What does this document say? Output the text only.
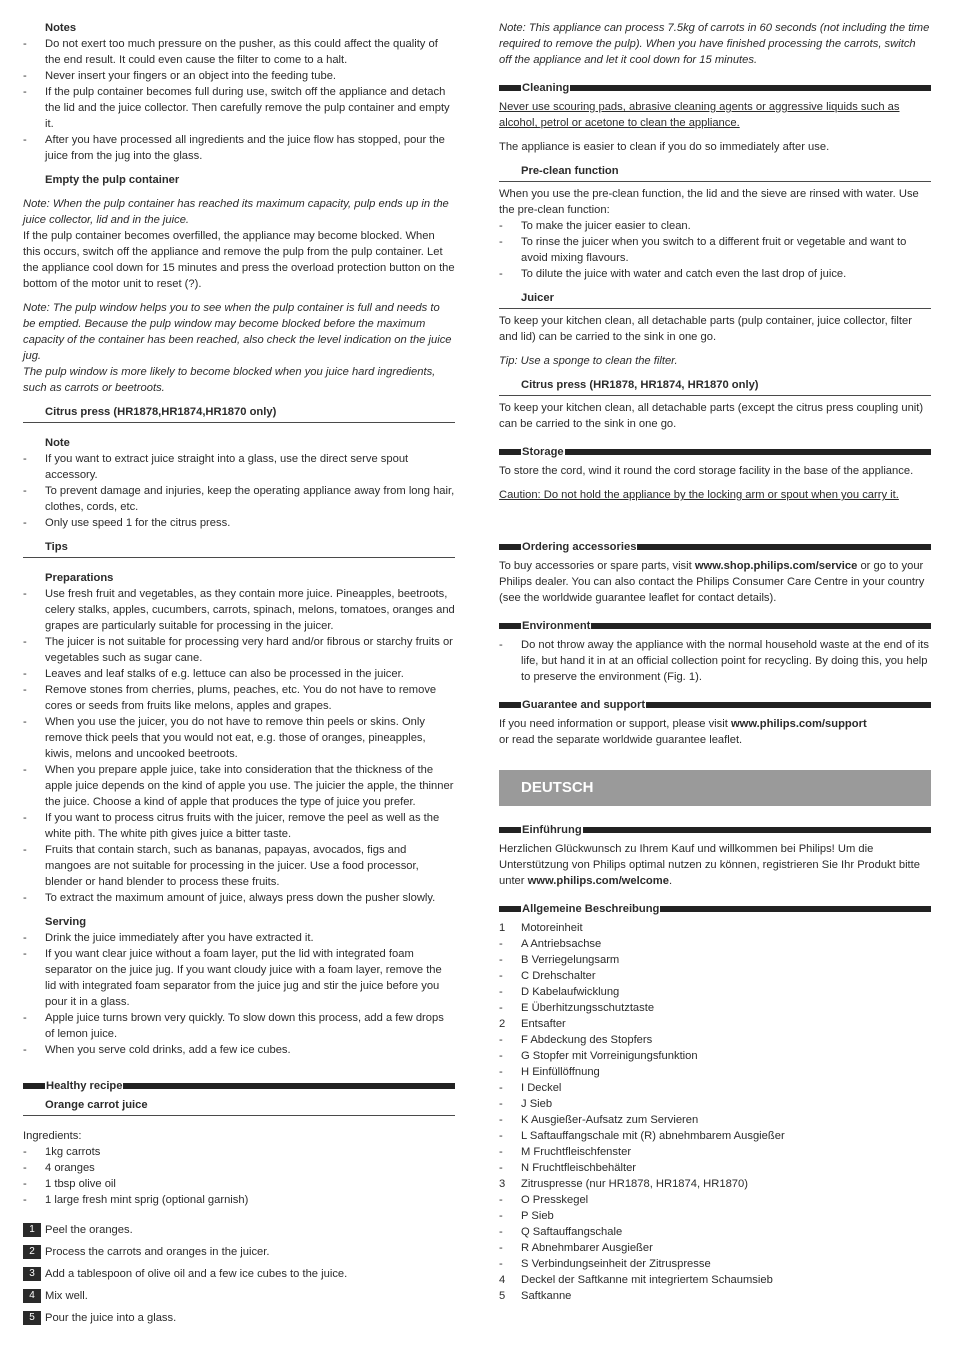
Notes

- Do not exert too much pressure on the pusher, as this could affect the quality of the end result. It could even cause the filter to come to a halt.
- Never insert your fingers or an object into the feeding tube.
- If the pulp container becomes full during use, switch off the appliance and detach the lid and the juice collector. Then carefully remove the pulp container and empty it.
- After you have processed all ingredients and the juice flow has stopped, pour the juice from the jug into the glass.

Empty the pulp container

Note: When the pulp container has reached its maximum capacity, pulp ends up in the juice collector, lid and in the juice.

If the pulp container becomes overfilled, the appliance may become blocked. When this occurs, switch off the appliance and remove the pulp from the pulp container. Let the appliance cool down for 15 minutes and press the overload protection button on the bottom of the motor unit to reset (?).

Note: The pulp window helps you to see when the pulp container is full and needs to be emptied. Because the pulp window may become blocked before the maximum capacity of the container has been reached, also check the level indication on the juice jug.

The pulp window is more likely to become blocked when you juice hard ingredients, such as carrots or beetroots.

Citrus press (HR1878,HR1874,HR1870 only)

Note

- If you want to extract juice straight into a glass, use the direct serve spout accessory.
- To prevent damage and injuries, keep the operating appliance away from long hair, clothes, cords, etc.
- Only use speed 1 for the citrus press.

Tips

Preparations

- Use fresh fruit and vegetables, as they contain more juice. Pineapples, beetroots, celery stalks, apples, cucumbers, carrots, spinach, melons, tomatoes, oranges and grapes are particularly suitable for processing in the juicer.
- The juicer is not suitable for processing very hard and/or fibrous or starchy fruits or vegetables such as sugar cane.
- Leaves and leaf stalks of e.g. lettuce can also be processed in the juicer.
- Remove stones from cherries, plums, peaches, etc. You do not have to remove cores or seeds from fruits like melons, apples and grapes.
- When you use the juicer, you do not have to remove thin peels or skins. Only remove thick peels that you would not eat, e.g. those of oranges, pineapples, kiwis, melons and uncooked beetroots.
- When you prepare apple juice, take into consideration that the thickness of the apple juice depends on the kind of apple you use. The juicier the apple, the thinner the juice. Choose a kind of apple that produces the type of juice you prefer.
- If you want to process citrus fruits with the juicer, remove the peel as well as the white pith. The white pith gives juice a bitter taste.
- Fruits that contain starch, such as bananas, papayas, avocados, figs and mangoes are not suitable for processing in the juicer. Use a food processor, blender or hand blender to process these fruits.
- To extract the maximum amount of juice, always press down the pusher slowly.

Serving

- Drink the juice immediately after you have extracted it.
- If you want clear juice without a foam layer, put the lid with integrated foam separator on the juice jug. If you want cloudy juice with a foam layer, remove the lid with integrated foam separator from the juice jug and stir the juice before you pour it in a glass.
- Apple juice turns brown very quickly. To slow down this process, add a few drops of lemon juice.
- When you serve cold drinks, add a few ice cubes.
Healthy recipe

Orange carrot juice

Ingredients:

- 1kg carrots
- 4 oranges
- 1 tbsp olive oil
- 1 large fresh mint sprig (optional garnish)
1 Peel the oranges.
2 Process the carrots and oranges in the juicer.
3 Add a tablespoon of olive oil and a few ice cubes to the juice.
4 Mix well.
5 Pour the juice into a glass.

Note: This appliance can process 7.5kg of carrots in 60 seconds (not including the time required to remove the pulp). When you have finished processing the carrots, switch off the appliance and let it cool down for 15 minutes.

Cleaning

Never use scouring pads, abrasive cleaning agents or aggressive liquids such as alcohol, petrol or acetone to clean the appliance.

The appliance is easier to clean if you do so immediately after use.

Pre-clean function

When you use the pre-clean function, the lid and the sieve are rinsed with water. Use the pre-clean function:

- To make the juicer easier to clean.
- To rinse the juicer when you switch to a different fruit or vegetable and want to avoid mixing flavours.
- To dilute the juice with water and catch even the last drop of juice.

Juicer

To keep your kitchen clean, all detachable parts (pulp container, juice collector, filter and lid) can be carried to the sink in one go.

Tip: Use a sponge to clean the filter.

Citrus press (HR1878, HR1874, HR1870 only)

To keep your kitchen clean, all detachable parts (except the citrus press coupling unit) can be carried to the sink in one go.

Storage

To store the cord, wind it round the cord storage facility in the base of the appliance.

Caution: Do not hold the appliance by the locking arm or spout when you carry it.

Ordering accessories

To buy accessories or spare parts, visit www.shop.philips.com/service or go to your Philips dealer. You can also contact the Philips Consumer Care Centre in your country (see the worldwide guarantee leaflet for contact details).

Environment
- Do not throw away the appliance with the normal household waste at the end of its life, but hand it in at an official collection point for recycling. By doing this, you help to preserve the environment (Fig. 1).
Guarantee and support

If you need information or support, please visit www.philips.com/support
or read the separate worldwide guarantee leaflet.

DEUTSCH
Einführung

Herzlichen Glückwunsch zu Ihrem Kauf und willkommen bei Philips! Um die Unterstützung von Philips optimal nutzen zu können, registrieren Sie Ihr Produkt bitte unter www.philips.com/welcome.

Allgemeine Beschreibung
1 Motoreinheit
- A Antriebsachse
- B Verriegelungsarm
- C Drehschalter
- D Kabelaufwicklung
- E Überhitzungsschutztaste
2 Entsafter
- F Abdeckung des Stopfers
- G Stopfer mit Vorreinigungsfunktion
- H Einfüllöffnung
- I Deckel
- J Sieb
- K Ausgießer-Aufsatz zum Servieren
- L Saftauffangschale mit (R) abnehmbarem Ausgießer
- M Fruchtfleischfenster
- N Fruchtfleischbehälter
3 Zitruspresse (nur HR1878, HR1874, HR1870)
- O Presskegel
- P Sieb
- Q Saftauffangschale
- R Abnehmbarer Ausgießer
- S Verbindungseinheit der Zitruspresse
4 Deckel der Saftkanne mit integriertem Schaumsieb
5 Saftkanne
